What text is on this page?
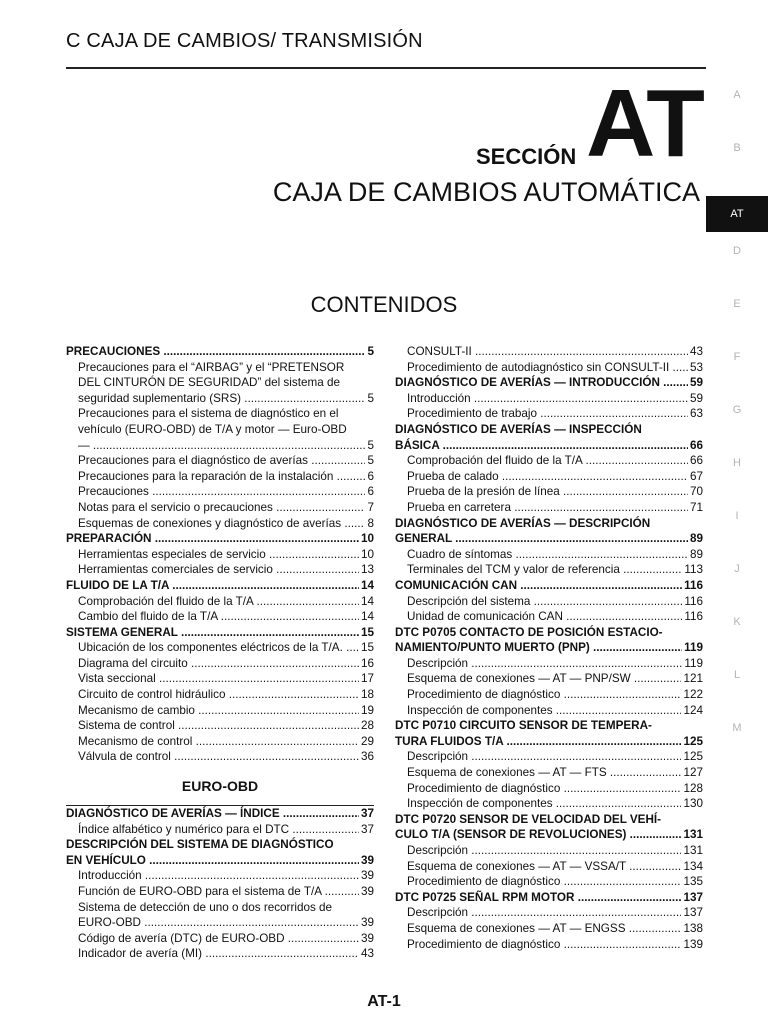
C CAJA DE CAMBIOS/ TRANSMISIÓN
SECCIÓN AT
CAJA DE CAMBIOS AUTOMÁTICA
CONTENIDOS
A
B
AT
D
E
F
G
H
I
J
K
L
M
PRECAUCIONES .....	5
Precauciones para el “AIRBAG” y el “PRETENSOR
DEL CINTURÓN DE SEGURIDAD” del sistema de
seguridad suplementario (SRS) .....	5
Precauciones para el sistema de diagnóstico en el
vehículo (EURO-OBD) de T/A y motor — Euro-OBD
— .....	5
Precauciones para el diagnóstico de averías .....	5
Precauciones para la reparación de la instalación .....	6
Precauciones .....	6
Notas para el servicio o precauciones .....	7
Esquemas de conexiones y diagnóstico de averías .....	8
PREPARACIÓN .....	10
Herramientas especiales de servicio .....	10
Herramientas comerciales de servicio .....	13
FLUIDO DE LA T/A .....	14
Comprobación del fluido de la T/A .....	14
Cambio del fluido de la T/A .....	14
SISTEMA GENERAL .....	15
Ubicación de los componentes eléctricos de la T/A. .....	15
Diagrama del circuito .....	16
Vista seccional .....	17
Circuito de control hidráulico .....	18
Mecanismo de cambio .....	19
Sistema de control .....	28
Mecanismo de control .....	29
Válvula de control .....	36
EURO-OBD
DIAGNÓSTICO DE AVERÍAS — ÍNDICE .....	37
Índice alfabético y numérico para el DTC .....	37
DESCRIPCIÓN DEL SISTEMA DE DIAGNÓSTICO
EN VEHÍCULO .....	39
Introducción .....	39
Función de EURO-OBD para el sistema de T/A .....	39
Sistema de detección de uno o dos recorridos de
EURO-OBD .....	39
Código de avería (DTC) de EURO-OBD .....	39
Indicador de avería (MI) .....	43
CONSULT-II .....	43
Procedimiento de autodiagnóstico sin CONSULT-II .....	53
DIAGNÓSTICO DE AVERÍAS — INTRODUCCIÓN .....	59
Introducción .....	59
Procedimiento de trabajo .....	63
DIAGNÓSTICO DE AVERÍAS — INSPECCIÓN
BÁSICA .....	66
Comprobación del fluido de la T/A .....	66
Prueba de calado .....	67
Prueba de la presión de línea .....	70
Prueba en carretera .....	71
DIAGNÓSTICO DE AVERÍAS — DESCRIPCIÓN
GENERAL .....	89
Cuadro de síntomas .....	89
Terminales del TCM y valor de referencia .....	113
COMUNICACIÓN CAN .....	116
Descripción del sistema .....	116
Unidad de comunicación CAN .....	116
DTC P0705 CONTACTO DE POSICIÓN ESTACIO-
NAMIENTO/PUNTO MUERTO (PNP) .....	119
Descripción .....	119
Esquema de conexiones — AT — PNP/SW .....	121
Procedimiento de diagnóstico .....	122
Inspección de componentes .....	124
DTC P0710 CIRCUITO SENSOR DE TEMPERA-
TURA FLUIDOS T/A .....	125
Descripción .....	125
Esquema de conexiones — AT — FTS .....	127
Procedimiento de diagnóstico .....	128
Inspección de componentes .....	130
DTC P0720 SENSOR DE VELOCIDAD DEL VEHÍ-
CULO T/A (SENSOR DE REVOLUCIONES) .....	131
Descripción .....	131
Esquema de conexiones — AT — VSSA/T .....	134
Procedimiento de diagnóstico .....	135
DTC P0725 SEÑAL RPM MOTOR .....	137
Descripción .....	137
Esquema de conexiones — AT — ENGSS .....	138
Procedimiento de diagnóstico .....	139
AT-1
